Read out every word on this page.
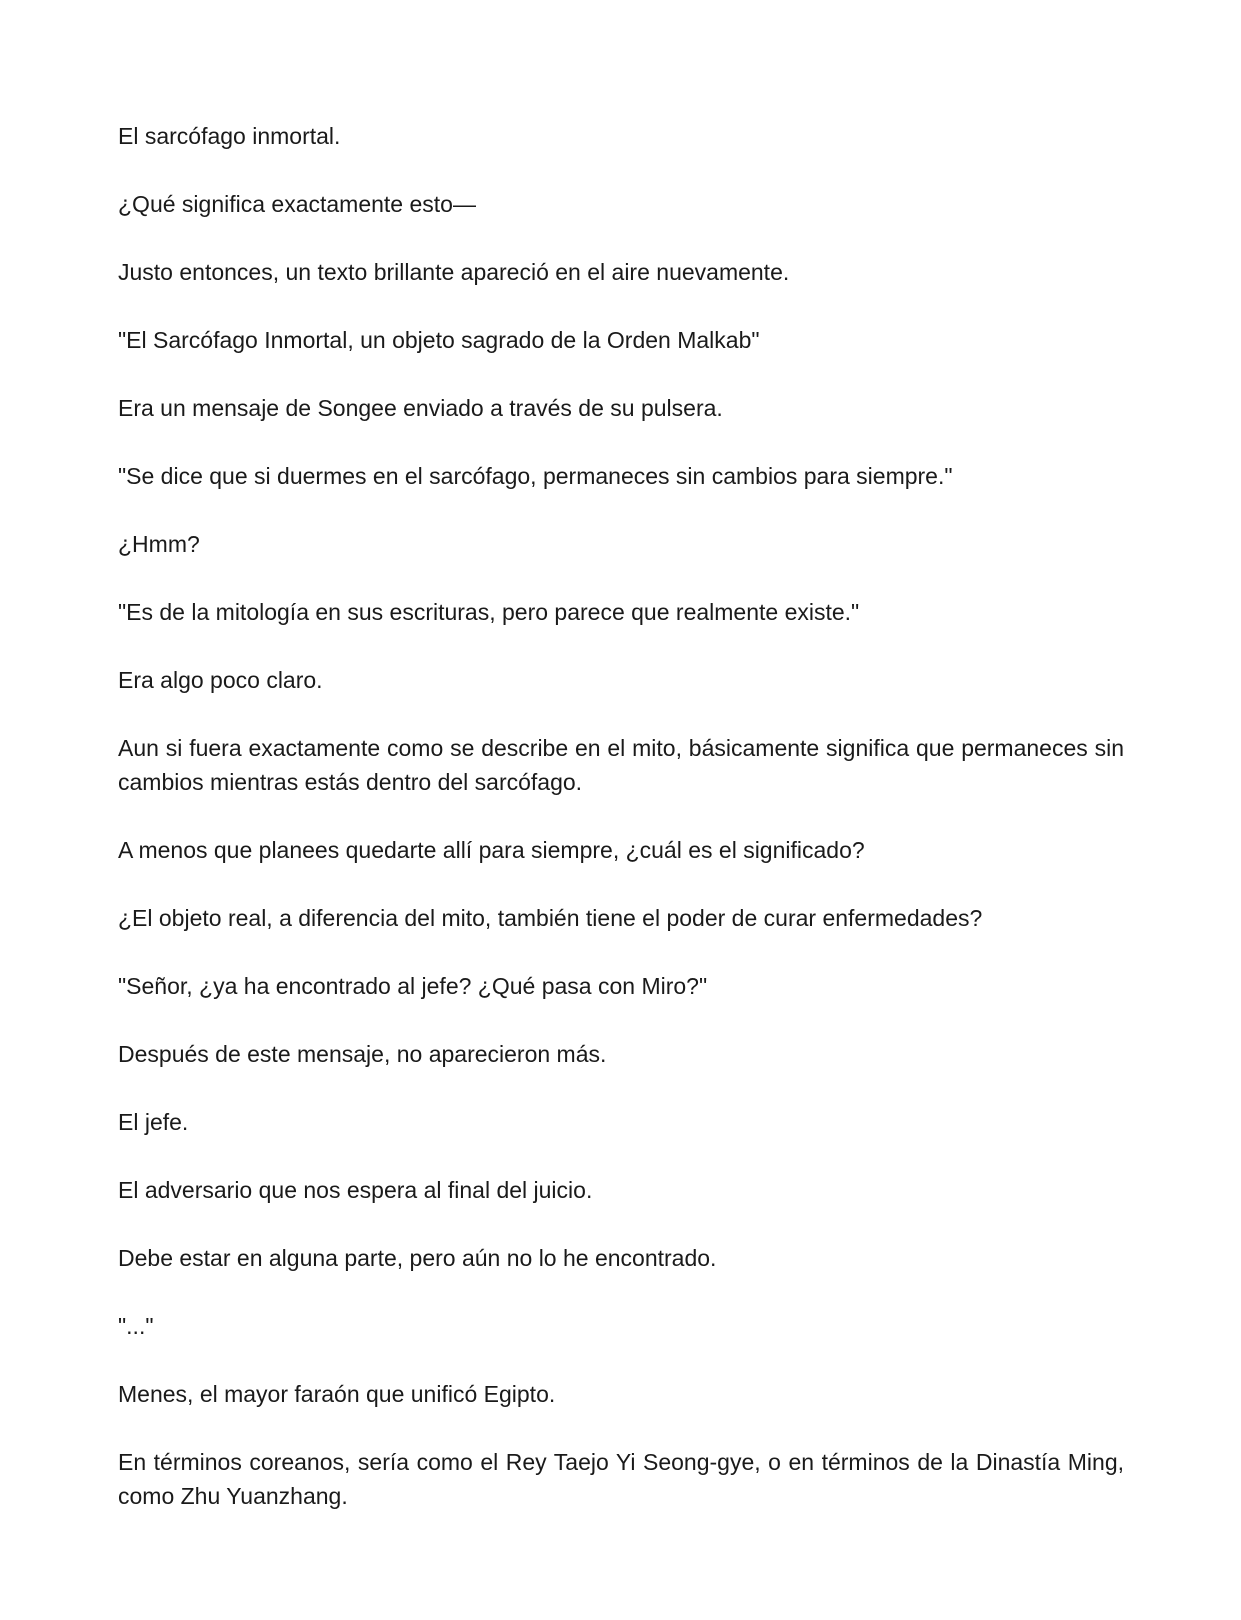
El sarcófago inmortal.

¿Qué significa exactamente esto—

Justo entonces, un texto brillante apareció en el aire nuevamente.

"El Sarcófago Inmortal, un objeto sagrado de la Orden Malkab"

Era un mensaje de Songee enviado a través de su pulsera.

"Se dice que si duermes en el sarcófago, permaneces sin cambios para siempre."

¿Hmm?

"Es de la mitología en sus escrituras, pero parece que realmente existe."

Era algo poco claro.

Aun si fuera exactamente como se describe en el mito, básicamente significa que permaneces sin cambios mientras estás dentro del sarcófago.

A menos que planees quedarte allí para siempre, ¿cuál es el significado?

¿El objeto real, a diferencia del mito, también tiene el poder de curar enfermedades?

"Señor, ¿ya ha encontrado al jefe? ¿Qué pasa con Miro?"

Después de este mensaje, no aparecieron más.

El jefe.

El adversario que nos espera al final del juicio.

Debe estar en alguna parte, pero aún no lo he encontrado.

"..."

Menes, el mayor faraón que unificó Egipto.

En términos coreanos, sería como el Rey Taejo Yi Seong-gye, o en términos de la Dinastía Ming, como Zhu Yuanzhang.
